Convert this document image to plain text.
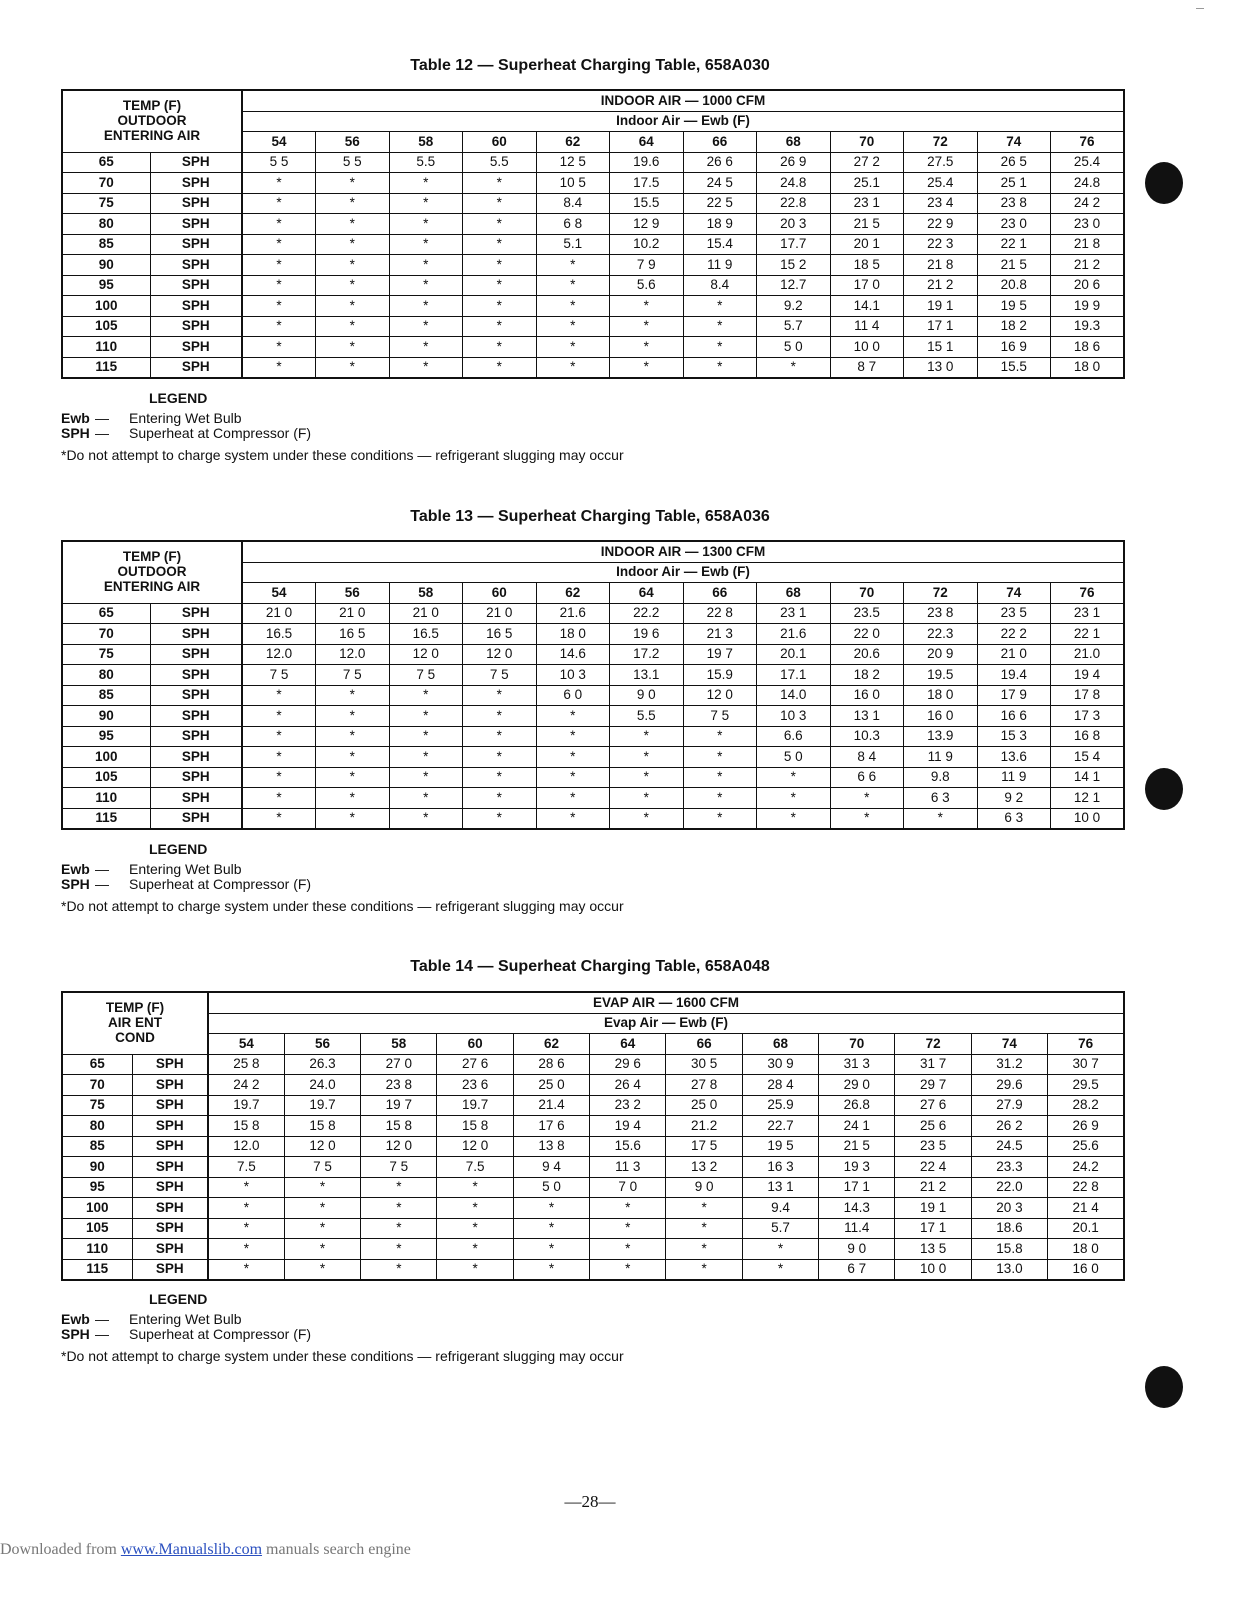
Table 12 — Superheat Charging Table, 658A030
TEMP (F)
OUTDOOR
ENTERING AIR		INDOOR AIR — 1000 CFM											
		Indoor Air — Ewb (F)											
		54	56	58	60	62	64	66	68	70	72	74	76
65	SPH	5 5	5 5	5.5	5.5	12 5	19.6	26 6	26 9	27 2	27.5	26 5	25.4
70	SPH	*	*	*	*	10 5	17.5	24 5	24.8	25.1	25.4	25 1	24.8
75	SPH	*	*	*	*	8.4	15.5	22 5	22.8	23 1	23 4	23 8	24 2
80	SPH	*	*	*	*	6 8	12 9	18 9	20 3	21 5	22 9	23 0	23 0
85	SPH	*	*	*	*	5.1	10.2	15.4	17.7	20 1	22 3	22 1	21 8
90	SPH	*	*	*	*	*	7 9	11 9	15 2	18 5	21 8	21 5	21 2
95	SPH	*	*	*	*	*	5.6	8.4	12.7	17 0	21 2	20.8	20 6
100	SPH	*	*	*	*	*	*	*	9.2	14.1	19 1	19 5	19 9
105	SPH	*	*	*	*	*	*	*	5.7	11 4	17 1	18 2	19.3
110	SPH	*	*	*	*	*	*	*	5 0	10 0	15 1	16 9	18 6
115	SPH	*	*	*	*	*	*	*	*	8 7	13 0	15.5	18 0
LEGEND
Ewb — Entering Wet Bulb
SPH — Superheat at Compressor (F)
*Do not attempt to charge system under these conditions — refrigerant slugging may occur
Table 13 — Superheat Charging Table, 658A036
TEMP (F)
OUTDOOR
ENTERING AIR		INDOOR AIR — 1300 CFM											
		Indoor Air — Ewb (F)											
		54	56	58	60	62	64	66	68	70	72	74	76
65	SPH	21 0	21 0	21 0	21 0	21.6	22.2	22 8	23 1	23.5	23 8	23 5	23 1
70	SPH	16.5	16 5	16.5	16 5	18 0	19 6	21 3	21.6	22 0	22.3	22 2	22 1
75	SPH	12.0	12.0	12 0	12 0	14.6	17.2	19 7	20.1	20.6	20 9	21 0	21.0
80	SPH	7 5	7 5	7 5	7 5	10 3	13.1	15.9	17.1	18 2	19.5	19.4	19 4
85	SPH	*	*	*	*	6 0	9 0	12 0	14.0	16 0	18 0	17 9	17 8
90	SPH	*	*	*	*	*	5.5	7 5	10 3	13 1	16 0	16 6	17 3
95	SPH	*	*	*	*	*	*	*	6.6	10.3	13.9	15 3	16 8
100	SPH	*	*	*	*	*	*	*	5 0	8 4	11 9	13.6	15 4
105	SPH	*	*	*	*	*	*	*	*	6 6	9.8	11 9	14 1
110	SPH	*	*	*	*	*	*	*	*	*	6 3	9 2	12 1
115	SPH	*	*	*	*	*	*	*	*	*	*	6 3	10 0
LEGEND
Ewb — Entering Wet Bulb
SPH — Superheat at Compressor (F)
*Do not attempt to charge system under these conditions — refrigerant slugging may occur
Table 14 — Superheat Charging Table, 658A048
TEMP (F)
AIR ENT
COND		EVAP AIR — 1600 CFM											
		Evap Air — Ewb (F)											
		54	56	58	60	62	64	66	68	70	72	74	76
65	SPH	25 8	26.3	27 0	27 6	28 6	29 6	30 5	30 9	31 3	31 7	31.2	30 7
70	SPH	24 2	24.0	23 8	23 6	25 0	26 4	27 8	28 4	29 0	29 7	29.6	29.5
75	SPH	19.7	19.7	19 7	19.7	21.4	23 2	25 0	25.9	26.8	27 6	27.9	28.2
80	SPH	15 8	15 8	15 8	15 8	17 6	19 4	21.2	22.7	24 1	25 6	26 2	26 9
85	SPH	12.0	12 0	12 0	12 0	13 8	15.6	17 5	19 5	21 5	23 5	24.5	25.6
90	SPH	7.5	7 5	7 5	7.5	9 4	11 3	13 2	16 3	19 3	22 4	23.3	24.2
95	SPH	*	*	*	*	5 0	7 0	9 0	13 1	17 1	21 2	22.0	22 8
100	SPH	*	*	*	*	*	*	*	9.4	14.3	19 1	20 3	21 4
105	SPH	*	*	*	*	*	*	*	5.7	11.4	17 1	18.6	20.1
110	SPH	*	*	*	*	*	*	*	*	9 0	13 5	15.8	18 0
115	SPH	*	*	*	*	*	*	*	*	6 7	10 0	13.0	16 0
LEGEND
Ewb — Entering Wet Bulb
SPH — Superheat at Compressor (F)
*Do not attempt to charge system under these conditions — refrigerant slugging may occur
—28—
Downloaded from www.Manualslib.com manuals search engine
